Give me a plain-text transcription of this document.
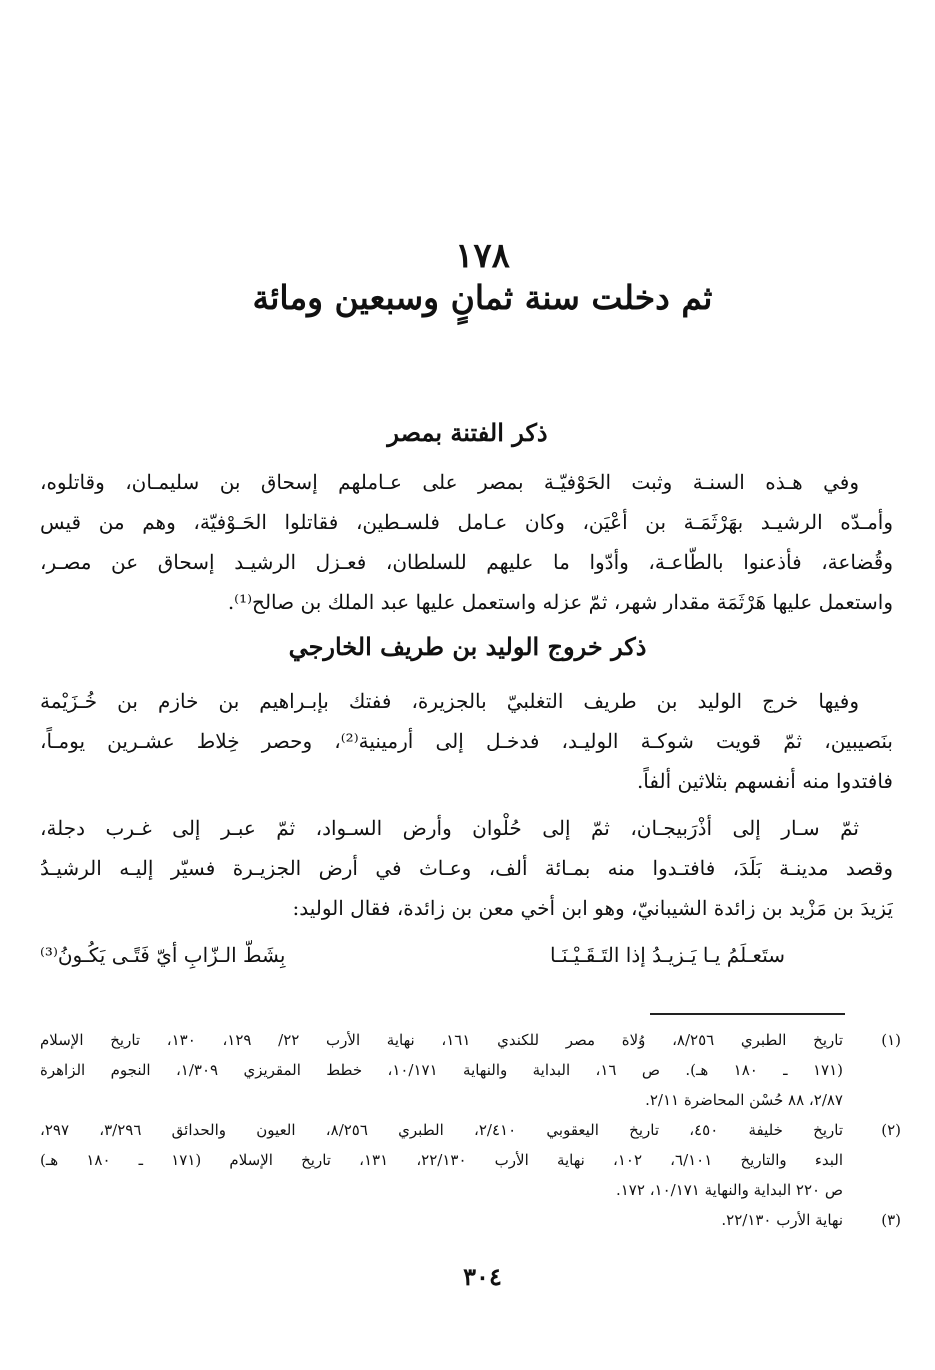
١٧٨
ثم دخلت سنة ثمانٍ وسبعين ومائة
ذكر الفتنة بمصر
وفي هـذه السنـة وثبت الحَوْفيّـة بمصر على عـاملهم إسحاق بن سليمـان، وقاتلوه،
وأمـدّه الرشيـد بهَرْثَمَـة بن أعْيَن، وكان عـامل فلسـطين، فقاتلوا الحَـوْفيّة، وهم من قيس
وقُضاعة، فأذعنوا بالطّاعـة، وأدّوا ما عليهم للسلطان، فعـزل الرشيـد إسحاق عن مصـر،
واستعمل عليها هَرْثَمَة مقدار شهر، ثمّ عزله واستعمل عليها عبد الملك بن صالح⁽¹⁾.
ذكر خروج الوليد بن طريف الخارجي
وفيها خرج الوليد بن طريف التغلبيّ بالجزيرة، ففتك بإبـراهيم بن خازم بن خُـزَيْمة
بنَصيبين، ثمّ قويت شوكـة الوليـد، فدخـل إلى أرمينية⁽²⁾، وحصر خِلاط عشـرين يومـاً،
فافتدوا منه أنفسهم بثلاثين ألفاً.
ثمّ سـار إلى أذْرَبيجـان، ثمّ إلى حُلْوان وأرض السـواد، ثمّ عبـر إلى غـرب دجلة،
وقصد مدينـة بَلَدَ، فافتـدوا منه بمـائة ألف، وعـاث في أرض الجزيـرة فسيّر إليـه الرشيـدُ
يَزيدَ بن مَزْيد بن زائدة الشيبانيّ، وهو ابن أخي معن بن زائدة، فقال الوليد:
ستَعـلَمُ يـا يَـزيـدُ إذا التَـقَـيْـنَـا
بِشَطّ الـزّابِ أيّ فَتًـى يَكُـونُ⁽³⁾
(١)
تاريخ الطبري ٨/٢٥٦، وُلاة مصر للكندي ١٦١، نهاية الأرب ٢٢/ ١٢٩، ١٣٠، تاريخ الإسلام
(١٧١ ـ ١٨٠ هـ). ص ١٦، البداية والنهاية ١٠/١٧١، خطط المقريزي ١/٣٠٩، النجوم الزاهرة
٢/٨٧، ٨٨ حُسْن المحاضرة ٢/١١.
(٢)
تاريخ خليفة ٤٥٠، تاريخ اليعقوبي ٢/٤١٠، الطبري ٨/٢٥٦، العيون والحدائق ٣/٢٩٦، ٢٩٧،
البدء والتاريخ ٦/١٠١، ١٠٢، نهاية الأرب ٢٢/١٣٠، ١٣١، تاريخ الإسلام (١٧١ ـ ١٨٠ هـ)
ص ٢٢٠ البداية والنهاية ١٠/١٧١، ١٧٢.
(٣)
نهاية الأرب ٢٢/١٣٠.
٣٠٤
